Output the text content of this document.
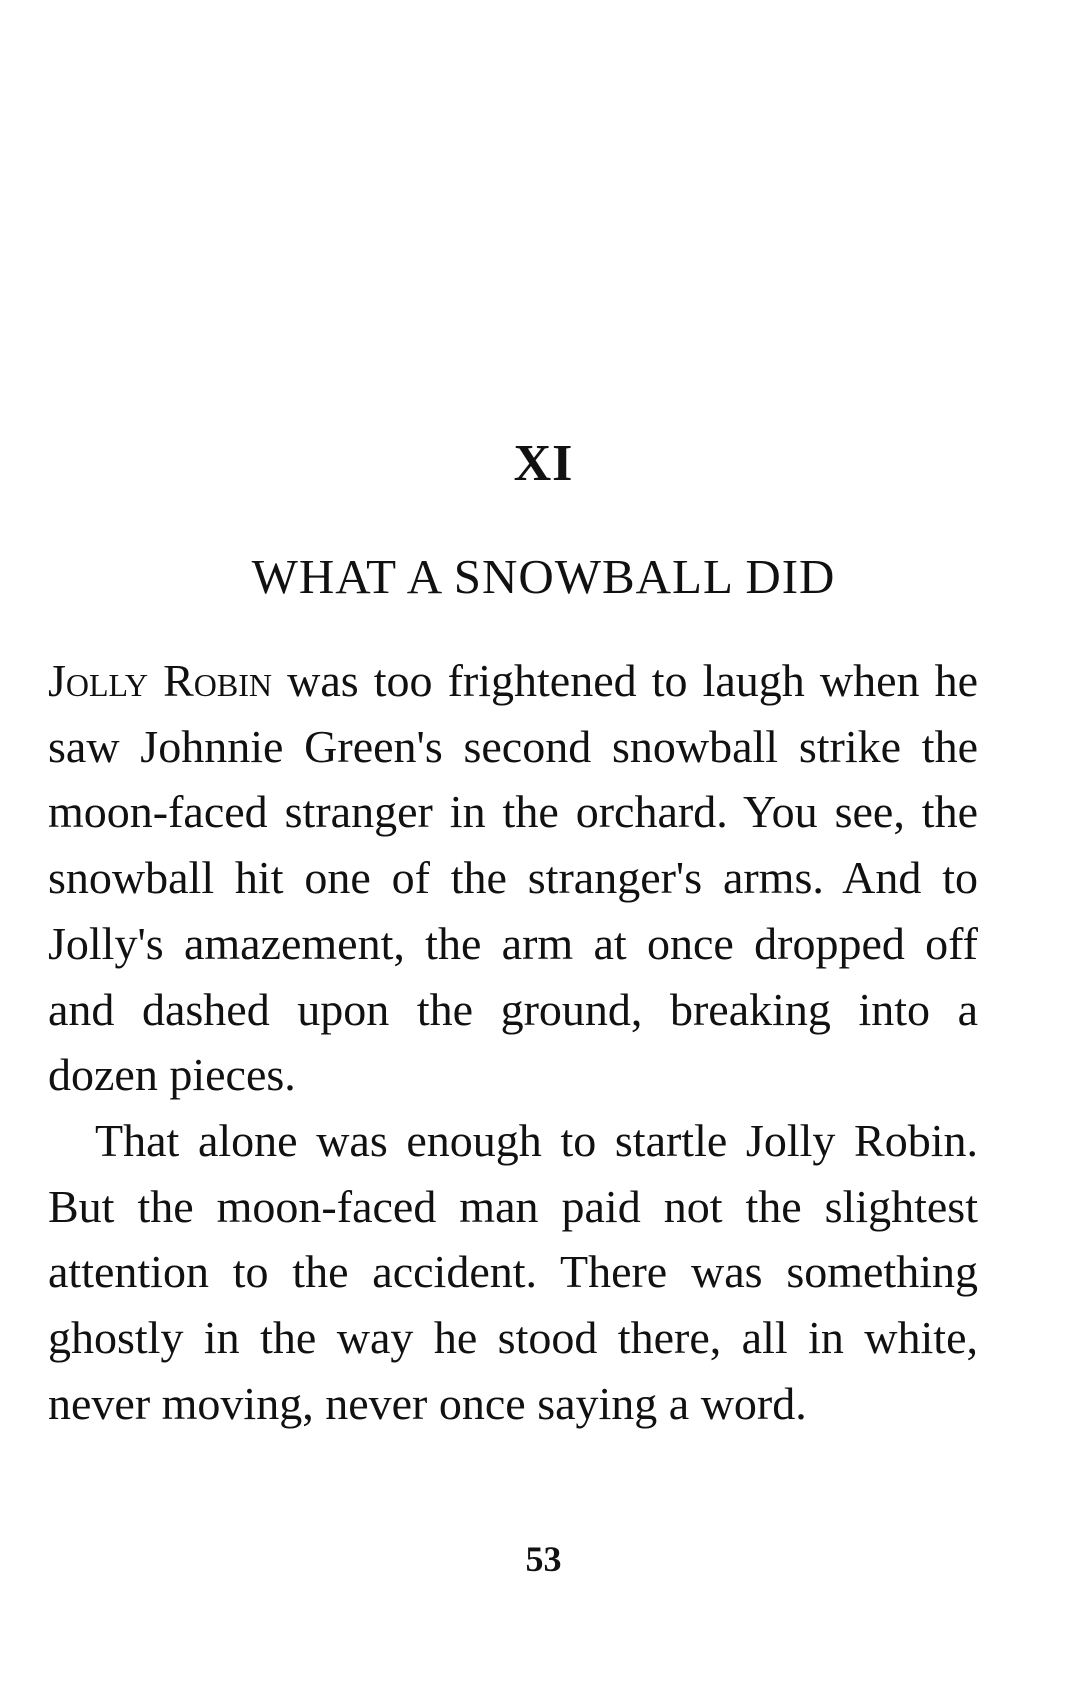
XI
WHAT A SNOWBALL DID

Jolly Robin was too frightened to laugh when he saw Johnnie Green's second snowball strike the moon-faced stranger in the orchard. You see, the snowball hit one of the stranger's arms. And to Jolly's amazement, the arm at once dropped off and dashed upon the ground, breaking into a dozen pieces.

That alone was enough to startle Jolly Robin. But the moon-faced man paid not the slightest attention to the accident. There was something ghostly in the way he stood there, all in white, never moving, never once saying a word.

53
